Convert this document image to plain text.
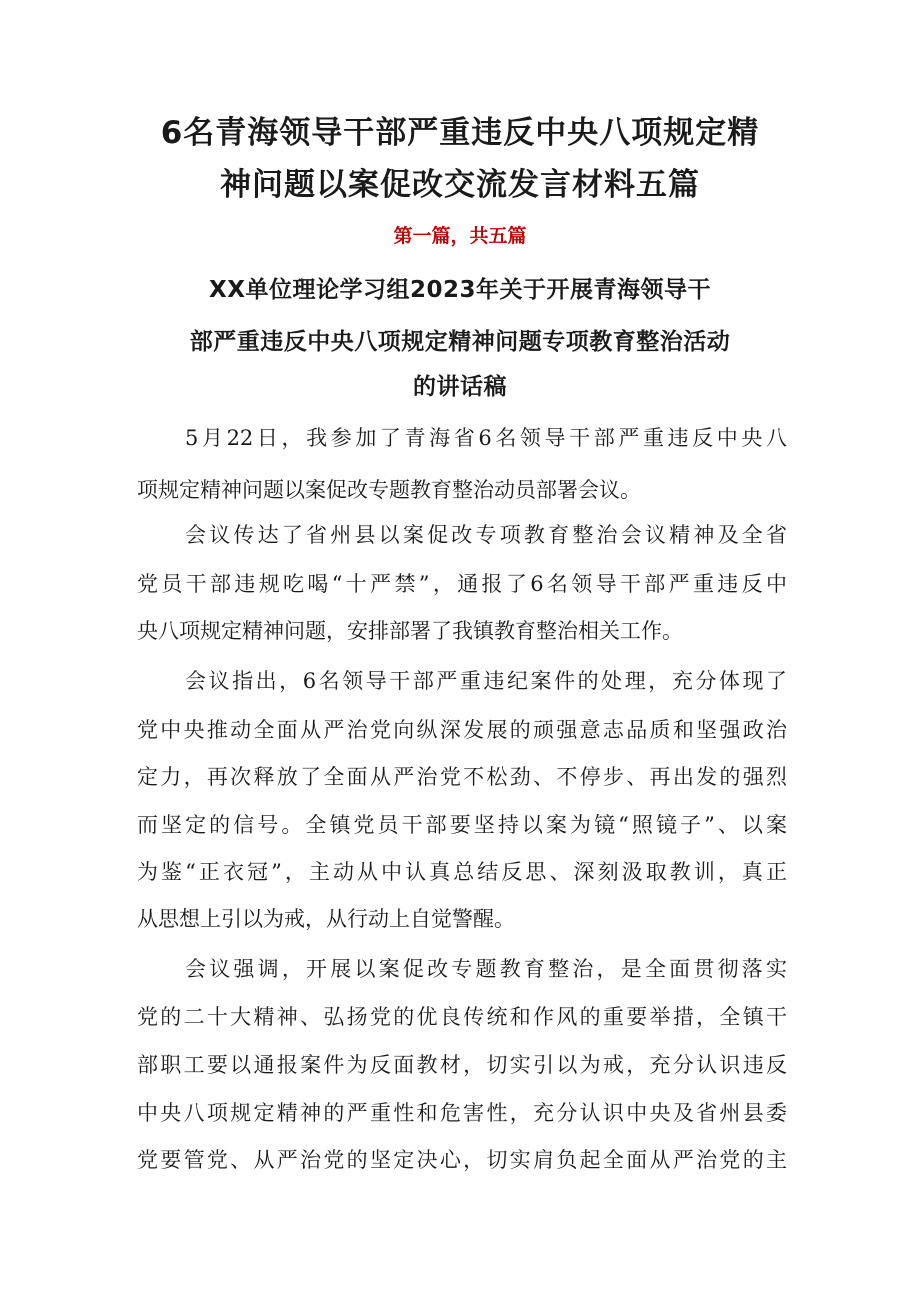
6名青海领导干部严重违反中央八项规定精
神问题以案促改交流发言材料五篇
第一篇，共五篇
XX单位理论学习组2023年关于开展青海领导干
部严重违反中央八项规定精神问题专项教育整治活动
的讲话稿
5月22日，我参加了青海省6名领导干部严重违反中央八
项规定精神问题以案促改专题教育整治动员部署会议。
会议传达了省州县以案促改专项教育整治会议精神及全省
党员干部违规吃喝“十严禁”，通报了6名领导干部严重违反中
央八项规定精神问题，安排部署了我镇教育整治相关工作。
会议指出，6名领导干部严重违纪案件的处理，充分体现了
党中央推动全面从严治党向纵深发展的顽强意志品质和坚强政治
定力，再次释放了全面从严治党不松劲、不停步、再出发的强烈
而坚定的信号。全镇党员干部要坚持以案为镜“照镜子”、以案
为鉴“正衣冠”，主动从中认真总结反思、深刻汲取教训，真正
从思想上引以为戒，从行动上自觉警醒。
会议强调，开展以案促改专题教育整治，是全面贯彻落实
党的二十大精神、弘扬党的优良传统和作风的重要举措，全镇干
部职工要以通报案件为反面教材，切实引以为戒，充分认识违反
中央八项规定精神的严重性和危害性，充分认识中央及省州县委
党要管党、从严治党的坚定决心，切实肩负起全面从严治党的主
